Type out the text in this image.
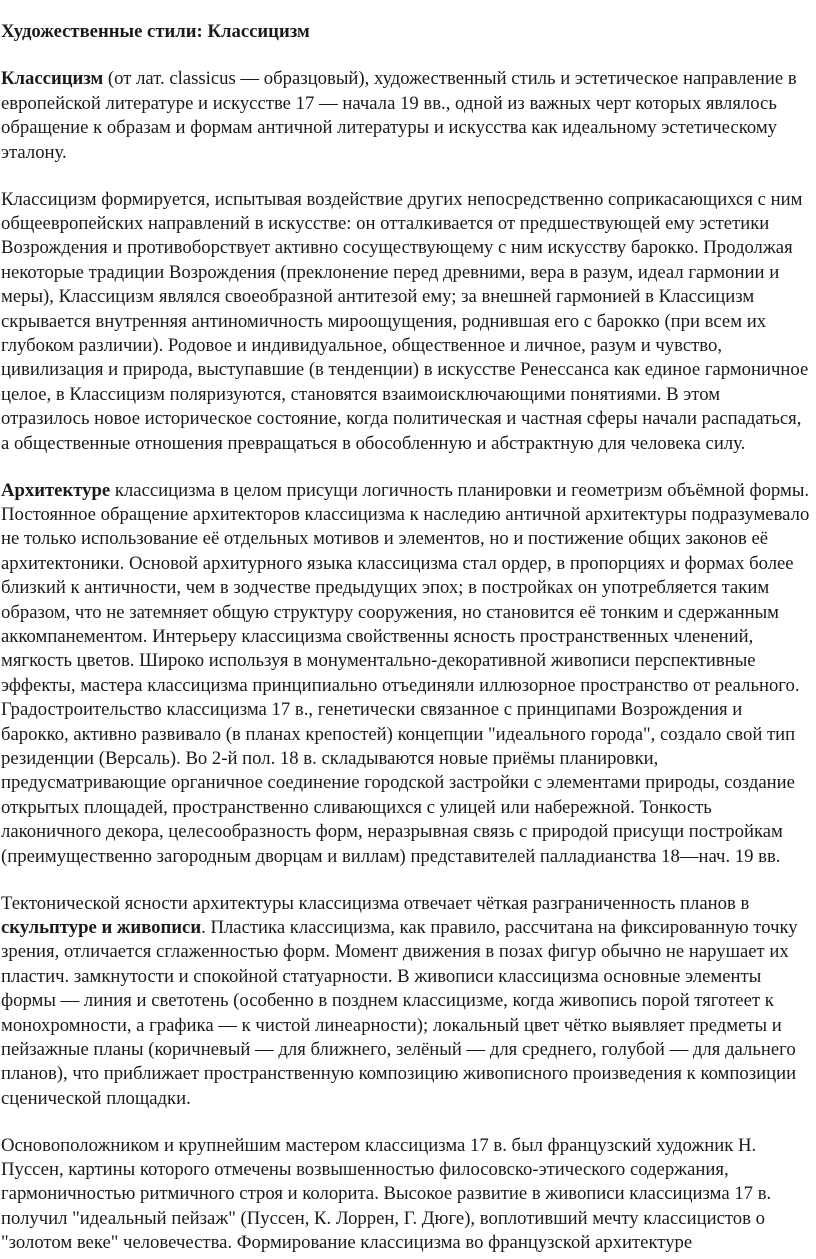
Художественные стили: Классицизм

Классицизм (от лат. classicus — образцовый), художественный стиль и эстетическое направление в европейской литературе и искусстве 17 — начала 19 вв., одной из важных черт которых являлось обращение к образам и формам античной литературы и искусства как идеальному эстетическому эталону.

Классицизм формируется, испытывая воздействие других непосредственно соприкасающихся с ним общеевропейских направлений в искусстве: он отталкивается от предшествующей ему эстетики Возрождения и противоборствует активно сосуществующему с ним искусству барокко. Продолжая некоторые традиции Возрождения (преклонение перед древними, вера в разум, идеал гармонии и меры), Классицизм являлся своеобразной антитезой ему; за внешней гармонией в Классицизм скрывается внутренняя антиномичность мироощущения, роднившая его с барокко (при всем их глубоком различии). Родовое и индивидуальное, общественное и личное, разум и чувство, цивилизация и природа, выступавшие (в тенденции) в искусстве Ренессанса как единое гармоничное целое, в Классицизм поляризуются, становятся взаимоисключающими понятиями. В этом отразилось новое историческое состояние, когда политическая и частная сферы начали распадаться, а общественные отношения превращаться в обособленную и абстрактную для человека силу.

Архитектуре классицизма в целом присущи логичность планировки и геометризм объёмной формы. Постоянное обращение архитекторов классицизма к наследию античной архитектуры подразумевало не только использование её отдельных мотивов и элементов, но и постижение общих законов её архитектоники. Основой архитурного языка классицизма стал ордер, в пропорциях и формах более близкий к античности, чем в зодчестве предыдущих эпох; в постройках он употребляется таким образом, что не затемняет общую структуру сооружения, но становится её тонким и сдержанным аккомпанементом. Интерьеру классицизма свойственны ясность пространственных членений, мягкость цветов. Широко используя в монументально-декоративной живописи перспективные эффекты, мастера классицизма принципиально отъединяли иллюзорное пространство от реального. Градостроительство классицизма 17 в., генетически связанное с принципами Возрождения и барокко, активно развивало (в планах крепостей) концепции "идеального города", создало свой тип резиденции (Версаль). Во 2-й пол. 18 в. складываются новые приёмы планировки, предусматривающие органичное соединение городской застройки с элементами природы, создание открытых площадей, пространственно сливающихся с улицей или набережной. Тонкость лаконичного декора, целесообразность форм, неразрывная связь с природой присущи постройкам (преимущественно загородным дворцам и виллам) представителей палладианства 18—нач. 19 вв.

Тектонической ясности архитектуры классицизма отвечает чёткая разграниченность планов в скульптуре и живописи. Пластика классицизма, как правило, рассчитана на фиксированную точку зрения, отличается сглаженностью форм. Момент движения в позах фигур обычно не нарушает их пластич. замкнутости и спокойной статуарности. В живописи классицизма основные элементы формы — линия и светотень (особенно в позднем классицизме, когда живопись порой тяготеет к монохромности, а графика — к чистой линеарности); локальный цвет чётко выявляет предметы и пейзажные планы (коричневый — для ближнего, зелёный — для среднего, голубой — для дальнего планов), что приближает пространственную композицию живописного произведения к композиции сценической площадки.

Основоположником и крупнейшим мастером классицизма 17 в. был французский художник Н. Пуссен, картины которого отмечены возвышенностью филосовско-этического содержания, гармоничностью ритмичного строя и колорита. Высокое развитие в живописи классицизма 17 в. получил "идеальный пейзаж" (Пуссен, К. Лоррен, Г. Дюге), воплотивший мечту классицистов о "золотом веке" человечества. Формирование классицизма во французской архитектуре
